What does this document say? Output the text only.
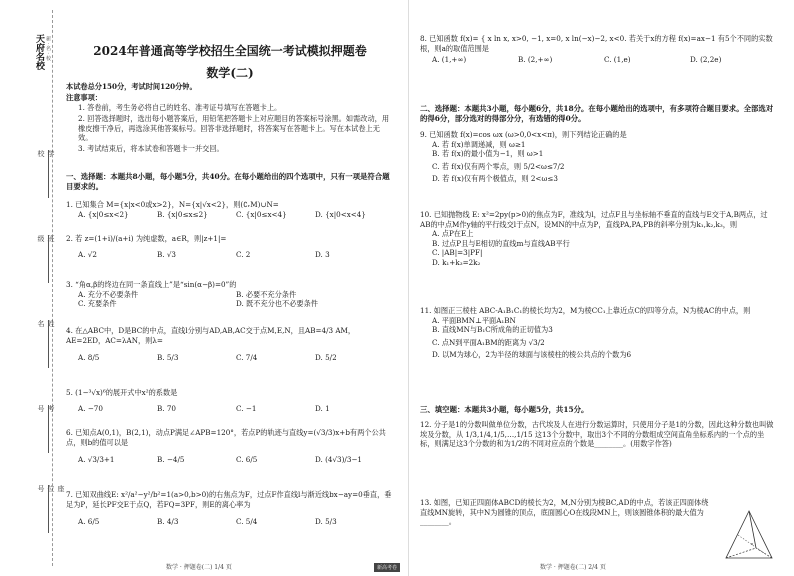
天府名校 新 · 名 · 校
学校
班级
姓名
考号
座位号
2024年普通高等学校招生全国统一考试模拟押题卷
数学(二)
本试卷总分150分，考试时间120分钟。
注意事项：
1. 答卷前，考生务必将自己的姓名、准考证号填写在答题卡上。
2. 回答选择题时，选出每小题答案后，用铅笔把答题卡上对应题目的答案标号涂黑。如需改动，用橡皮擦干净后，再选涂其他答案标号。回答非选择题时，将答案写在答题卡上。写在本试卷上无效。
3. 考试结束后，将本试卷和答题卡一并交回。
一、选择题：本题共8小题，每小题5分，共40分。在每小题给出的四个选项中，只有一项是符合题目要求的。
1. 已知集合 M={x|x<0或x>2}，N={x|√x<2}，则(∁ᵣM)∪N=
A. {x|0≤x<2}	B. {x|0≤x≤2}	C. {x|0≤x<4}	D. {x|0<x<4}
2. 若 z=(1+i)/(a+i) 为纯虚数，a∈R，则|z+1|=
A. √2	B. √3	C. 2	D. 3
3. “角α,β的终边在同一条直线上”是“sin(α−β)=0”的
A. 充分不必要条件	B. 必要不充分条件
C. 充要条件	D. 既不充分也不必要条件
4. 在△ABC中，D是BC的中点，直线l分别与AD,AB,AC交于点M,E,N，且AB=4/3 AM，AE=2ED，AC=λAN，则λ=
A. 8/5	B. 5/3	C. 7/4	D. 5/2
5. (1−³√x)⁶的展开式中x²的系数是
A. −70	B. 70	C. −1	D. 1
6. 已知点A(0,1)，B(2,1)，动点P满足∠APB=120°，若点P的轨迹与直线y=(√3/3)x+b有两个公共点，则b的值可以是
A. √3/3+1	B. −4/5	C. 6/5	D. (4√3)/3−1
7. 已知双曲线E: x²/a²−y²/b²=1(a>0,b>0)的右焦点为F，过点F作直线l与渐近线bx−ay=0垂直，垂足为P，延长PF交E于点Q，若FQ=3PF，则E的离心率为
A. 6/5	B. 4/3	C. 5/4	D. 5/3
数学 · 押题卷(二) 1/4 页	新高考卷
8. 已知函数 f(x)= { x ln x, x>0, −1, x=0, x ln(−x)−2, x<0. 若关于x的方程 f(x)=ax−1 有5个不同的实数根，则a的取值范围是
A. (1,+∞)	B. (2,+∞)	C. (1,e)	D. (2,2e)
二、选择题：本题共3小题，每小题6分，共18分。在每小题给出的选项中，有多项符合题目要求。全部选对的得6分，部分选对的得部分分，有选错的得0分。
9. 已知函数 f(x)=cos ωx (ω>0,0<x<π)，则下列结论正确的是
A. 若 f(x)单调递减，则 ω≥1
B. 若 f(x)的最小值为−1，则 ω>1
C. 若 f(x)仅有两个零点，则 5/2<ω≤7/2
D. 若 f(x)仅有两个极值点，则 2<ω≤3
10. 已知抛物线 E: x²=2py(p>0)的焦点为F，准线为l，过点F且与坐标轴不垂直的直线与E交于A,B两点，过AB的中点M作y轴的平行线交l于点N，设MN的中点为P，直线PA,PA,PB的斜率分别为k₁,k₂,k₃，则
A. 点P在E上
B. 过点P且与E相切的直线m与直线AB平行
C. |AB|=3|PF|
D. k₁+k₃=2k₂
11. 如图正三棱柱 ABC-A₁B₁C₁的棱长均为2，M为棱CC₁上靠近点C的四等分点，N为棱AC的中点，则
A. 平面BMN⊥平面A₁BN
B. 直线MN与B₁C所成角的正切值为3
C. 点N到平面A₁BM的距离为 √3/2
D. 以M为球心，2为半径的球面与该棱柱的棱公共点的个数为6
三、填空题：本题共3小题，每小题5分，共15分。
12. 分子是1的分数叫做单位分数，古代埃及人在进行分数运算时，只使用分子是1的分数，因此这种分数也叫做埃及分数，从 1/3,1/4,1/5,…,1/15 这13个分数中，取出3个不同的分数组成空间直角坐标系内的一个点的坐标，则满足这3个分数的和为1/2的不同对应点的个数是________。(用数字作答)
13. 如图，已知正四面体ABCD的棱长为2，M,N分别为棱BC,AD的中点，若该正四面体绕直线MN旋转，其中N为圆锥的顶点，底面圆心O在线段MN上，则该圆锥体积的最大值为________。
数学 · 押题卷(二) 2/4 页
